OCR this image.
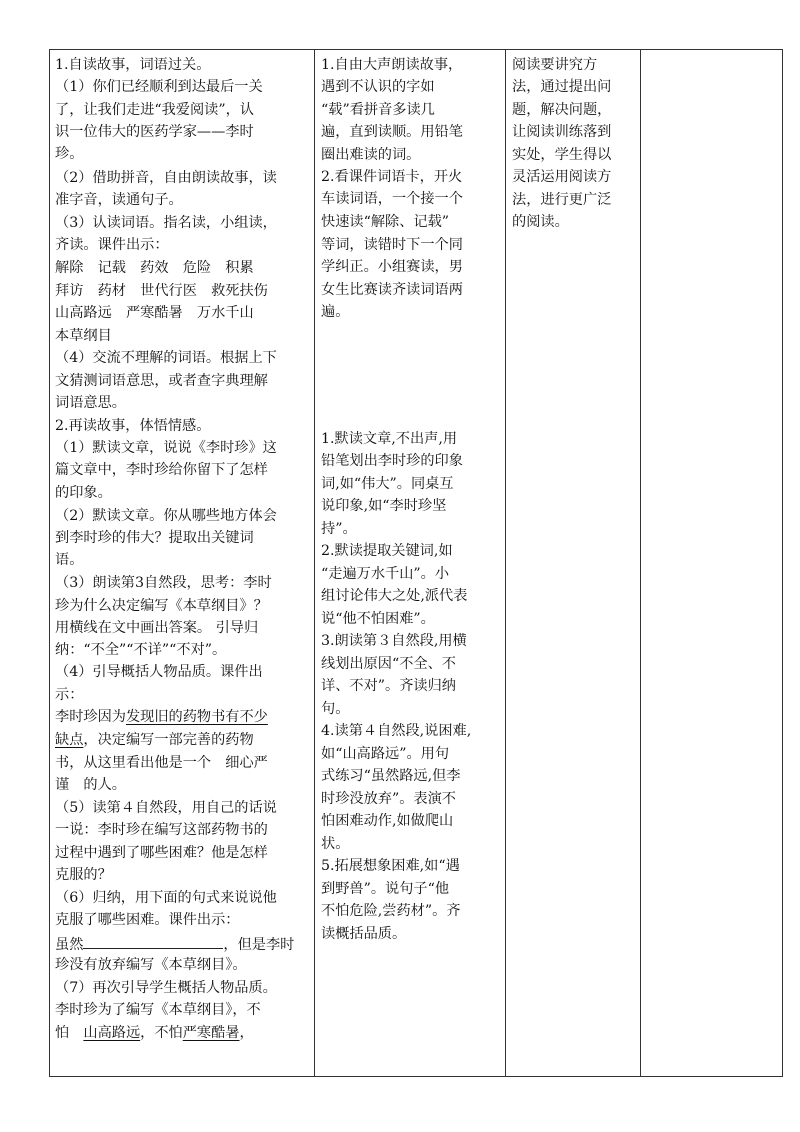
1.自读故事，词语过关。
（1）你们已经顺利到达最后一关
了，让我们走进“我爱阅读”，认
识一位伟大的医药学家——李时
珍。
（2）借助拼音，自由朗读故事，读
准字音，读通句子。
（3）认读词语。指名读，小组读，
齐读。课件出示：
解除　记载　药效　危险　积累
拜访　药材　世代行医　救死扶伤
山高路远　严寒酷暑　万水千山
本草纲目
（4）交流不理解的词语。根据上下
文猜测词语意思，或者查字典理解
词语意思。
2.再读故事，体悟情感。
（1）默读文章，说说《李时珍》这
篇文章中，李时珍给你留下了怎样
的印象。
（2）默读文章。你从哪些地方体会
到李时珍的伟大？提取出关键词
语。
（3）朗读第3自然段，思考：李时
珍为什么决定编写《本草纲目》？
用横线在文中画出答案。 引导归
纳：“不全”“不详”“不对”。
（4）引导概括人物品质。课件出
示：
李时珍因为发现旧的药物书有不少
缺点，决定编写一部完善的药物
书，从这里看出他是一个　细心严
谨　的人。
（5）读第４自然段，用自己的话说
一说：李时珍在编写这部药物书的
过程中遇到了哪些困难？他是怎样
克服的？
（6）归纳，用下面的句式来说说他
克服了哪些困难。课件出示：
虽然	，但是李时
珍没有放弃编写《本草纲目》。
（7）再次引导学生概括人物品质。
李时珍为了编写《本草纲目》，不
怕　山高路远，不怕严寒酷暑，

1.自由大声朗读故事，
遇到不认识的字如
“载”看拼音多读几
遍，直到读顺。用铅笔
圈出难读的词。
2.看课件词语卡，开火
车读词语，一个接一个
快速读“解除、记载”
等词，读错时下一个同
学纠正。小组赛读，男
女生比赛读齐读词语两
遍。
1.默读文章,不出声,用
铅笔划出李时珍的印象
词,如“伟大”。同桌互
说印象,如“李时珍坚
持”。
2.默读提取关键词,如
“走遍万水千山”。小
组讨论伟大之处,派代表
说“他不怕困难”。
3.朗读第３自然段,用横
线划出原因“不全、不
详、不对”。齐读归纳
句。
4.读第４自然段,说困难,
如“山高路远”。用句
式练习“虽然路远,但李
时珍没放弃”。表演不
怕困难动作,如做爬山
状。
5.拓展想象困难,如“遇
到野兽”。说句子“他
不怕危险,尝药材”。齐
读概括品质。

阅读要讲究方
法，通过提出问
题，解决问题，
让阅读训练落到
实处，学生得以
灵活运用阅读方
法，进行更广泛
的阅读。
